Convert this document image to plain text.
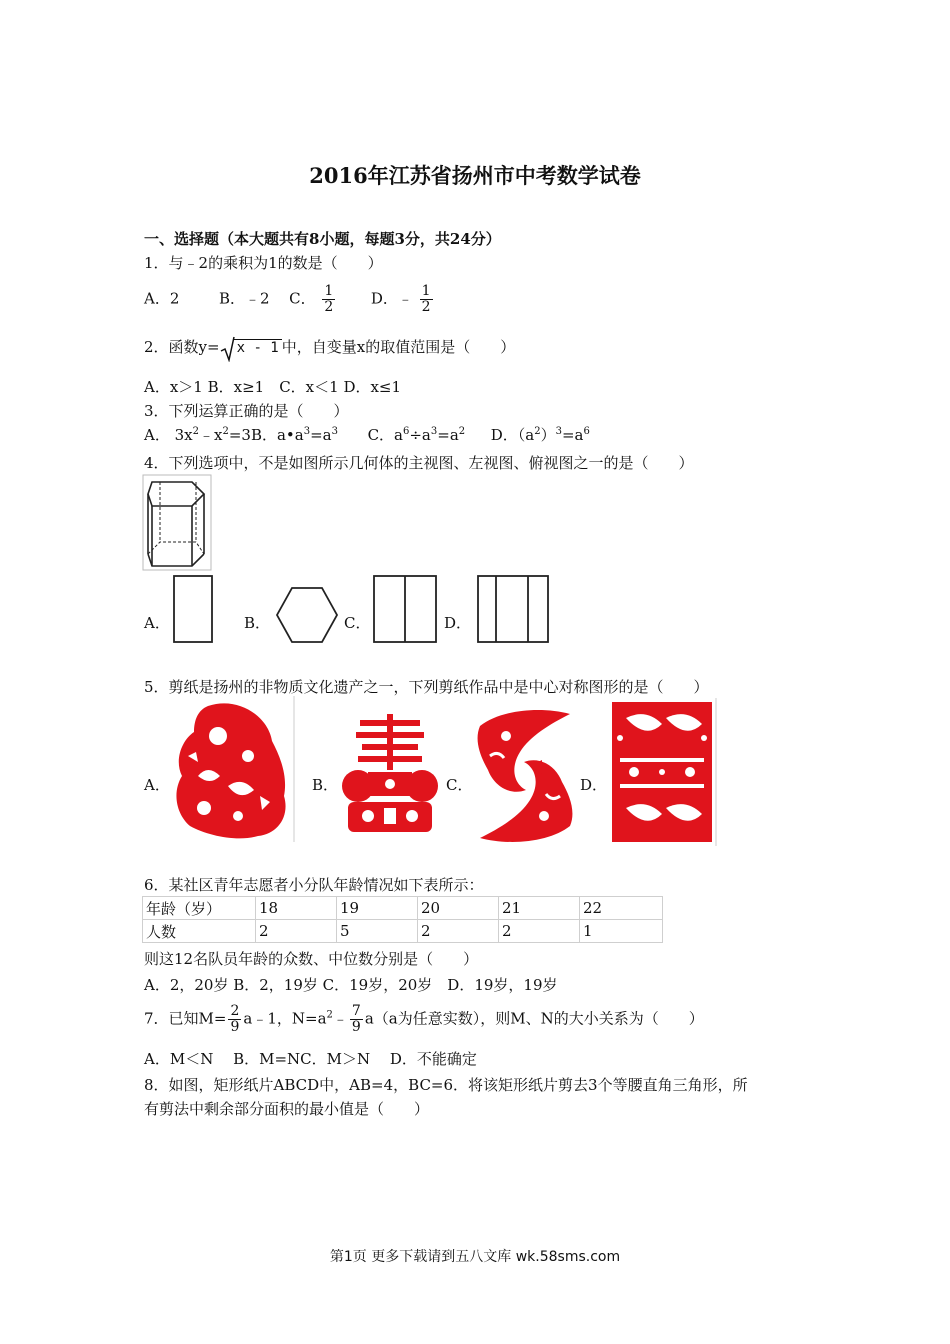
2016年江苏省扬州市中考数学试卷
一、选择题（本大题共有8小题，每题3分，共24分）
1．与﹣2的乘积为1的数是（　　）
A．2	B．﹣2 C． $\frac{1}{2}$ D．﹣ $\frac{1}{2}$
2．函数y= x - 1 中，自变量x的取值范围是（　　）
A．x＞1 B．x≥1　C．x＜1 D．x≤1
3．下列运算正确的是（　　）
A． $3x^2﹣x^2=3B$．$a•a^3=a^3$ C．$a^6\div a^3=a^2$ D．$(a^2)^3=a^6$
4．下列选项中，不是如图所示几何体的主视图、左视图、俯视图之一的是（　　）
A．	B．	C．	D．
5．剪纸是扬州的非物质文化遗产之一，下列剪纸作品中是中心对称图形的是（　　）
A．	B．	C．	D．
6．某社区青年志愿者小分队年龄情况如下表所示：
年龄（岁）	18	19	20	21	22
人数	2	5	2	2	1
则这12名队员年龄的众数、中位数分别是（　　）
A．2，20岁 B．2，19岁 C．19岁，20岁　D．19岁，19岁
7．已知$M= \frac{2}{9}$ a﹣1，$N=a^2﹣ \frac{7}{9} a(a$为任意实数），则M、N的大小关系为（　　）
A．M＜N　 B．M=NC．M＞N　 D．不能确定
8．如图，矩形纸片ABCD中，AB=4，BC=6．将该矩形纸片剪去3个等腰直角三角形，所
有剪法中剩余部分面积的最小值是（　　）
第1页 更多下载请到五八文库 wk.58sms.com
